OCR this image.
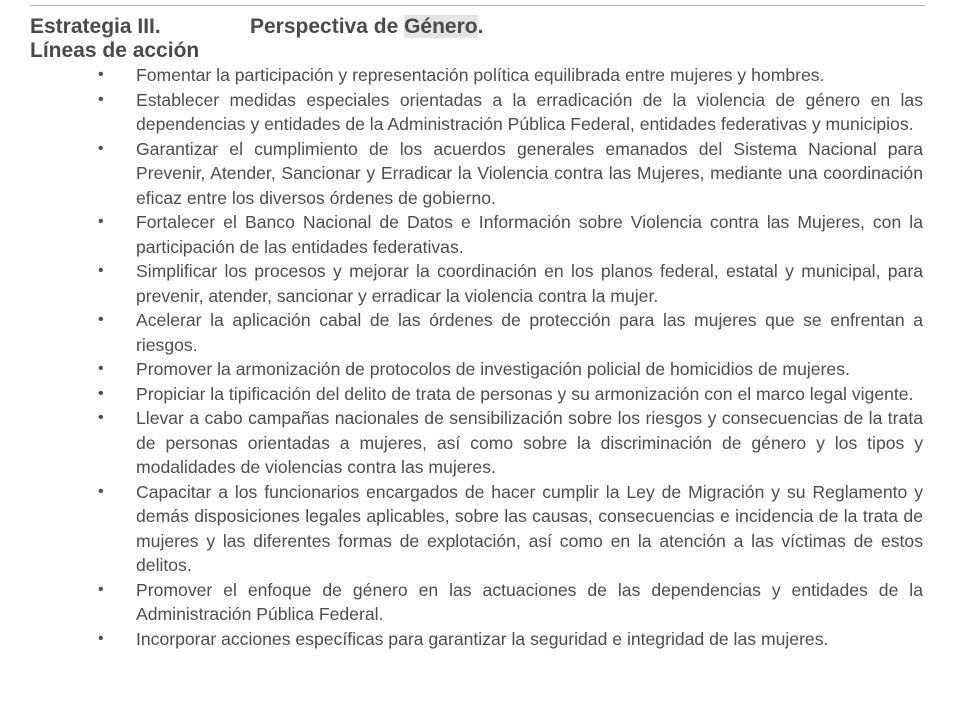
Estrategia III.	Perspectiva de Género.
Líneas de acción
• Fomentar la participación y representación política equilibrada entre mujeres y hombres.
• Establecer medidas especiales orientadas a la erradicación de la violencia de género en las dependencias y entidades de la Administración Pública Federal, entidades federativas y municipios.
• Garantizar el cumplimiento de los acuerdos generales emanados del Sistema Nacional para Prevenir, Atender, Sancionar y Erradicar la Violencia contra las Mujeres, mediante una coordinación eficaz entre los diversos órdenes de gobierno.
• Fortalecer el Banco Nacional de Datos e Información sobre Violencia contra las Mujeres, con la participación de las entidades federativas.
• Simplificar los procesos y mejorar la coordinación en los planos federal, estatal y municipal, para prevenir, atender, sancionar y erradicar la violencia contra la mujer.
• Acelerar la aplicación cabal de las órdenes de protección para las mujeres que se enfrentan a riesgos.
• Promover la armonización de protocolos de investigación policial de homicidios de mujeres.
• Propiciar la tipificación del delito de trata de personas y su armonización con el marco legal vigente.
• Llevar a cabo campañas nacionales de sensibilización sobre los riesgos y consecuencias de la trata de personas orientadas a mujeres, así como sobre la discriminación de género y los tipos y modalidades de violencias contra las mujeres.
• Capacitar a los funcionarios encargados de hacer cumplir la Ley de Migración y su Reglamento y demás disposiciones legales aplicables, sobre las causas, consecuencias e incidencia de la trata de mujeres y las diferentes formas de explotación, así como en la atención a las víctimas de estos delitos.
• Promover el enfoque de género en las actuaciones de las dependencias y entidades de la Administración Pública Federal.
• Incorporar acciones específicas para garantizar la seguridad e integridad de las mujeres.
